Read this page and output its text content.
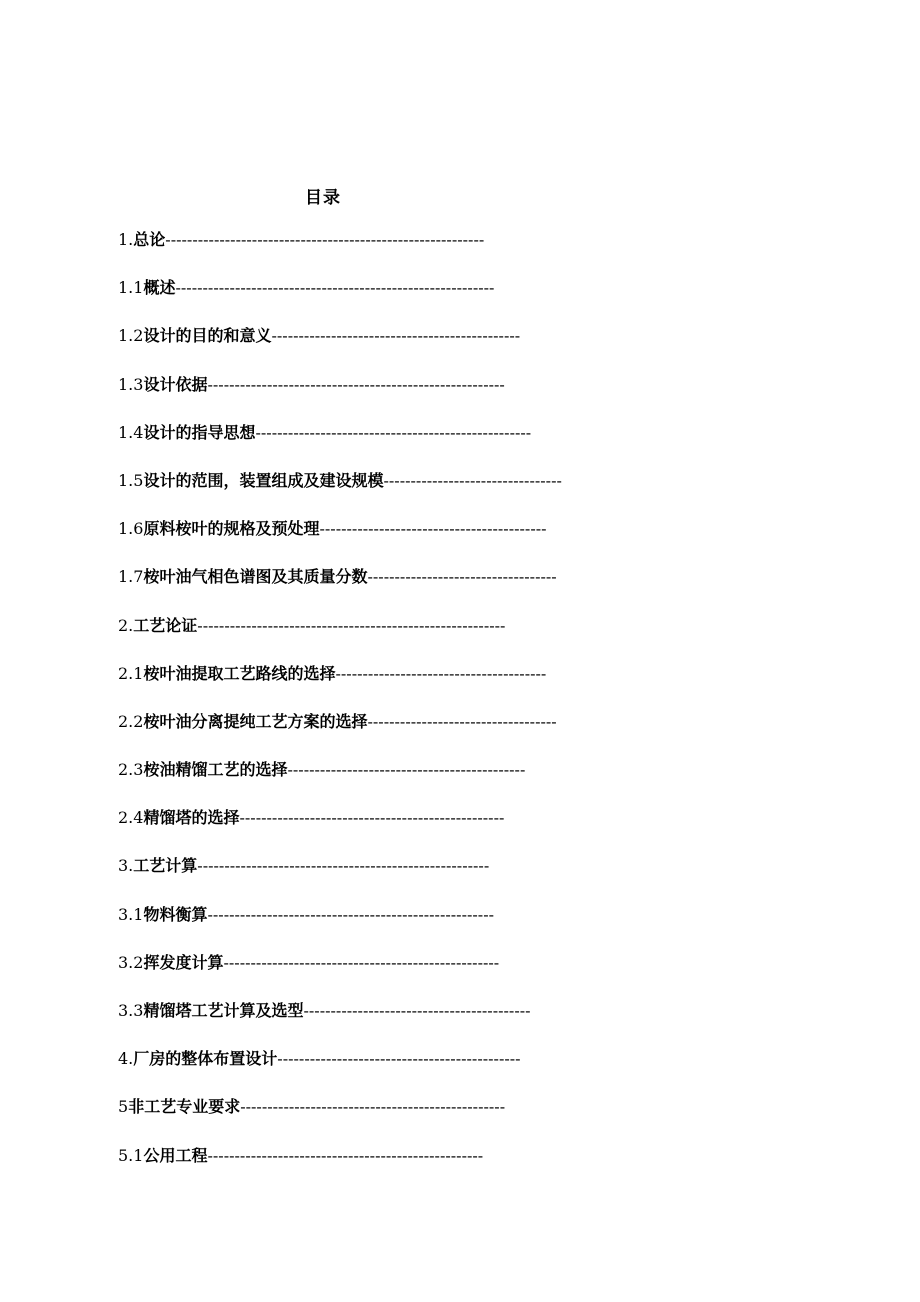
目录
1. 总论 -----------------------------------------------------------
1.1 概述 -----------------------------------------------------------
1.2 设计的目的和意义 ----------------------------------------------
1.3 设计依据 -------------------------------------------------------
1.4 设计的指导思想 ---------------------------------------------------
1.5 设计的范围，装置组成及建设规模 ---------------------------------
1.6 原料桉叶的规格及预处理 ------------------------------------------
1.7 桉叶油气相色谱图及其质量分数 -----------------------------------
2. 工艺论证 ---------------------------------------------------------
2.1 桉叶油提取工艺路线的选择 ---------------------------------------
2.2 桉叶油分离提纯工艺方案的选择 -----------------------------------
2.3 桉油精馏工艺的选择 --------------------------------------------
2.4 精馏塔的选择 -------------------------------------------------
3. 工艺计算 ------------------------------------------------------
3.1 物料衡算 -----------------------------------------------------
3.2 挥发度计算 ---------------------------------------------------
3.3 精馏塔工艺计算及选型 ------------------------------------------
4. 厂房的整体布置设计 ---------------------------------------------
5 非工艺专业要求 -------------------------------------------------
5.1 公用工程 ---------------------------------------------------
